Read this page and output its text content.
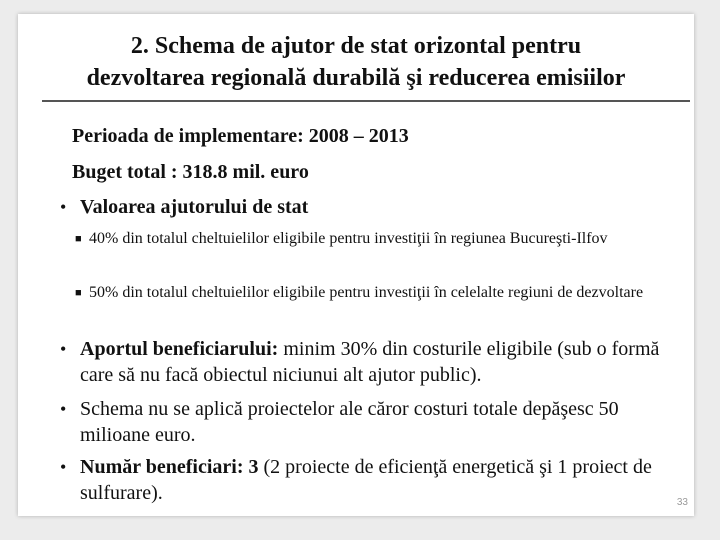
2. Schema de ajutor de stat orizontal pentru
dezvoltarea regională durabilă şi reducerea emisiilor
Perioada de implementare: 2008 – 2013
Buget total : 318.8 mil. euro
• Valoarea ajutorului de stat
■ 40% din totalul cheltuielilor eligibile pentru investiţii în regiunea Bucureşti-Ilfov
■ 50% din totalul cheltuielilor eligibile pentru investiţii în celelalte regiuni de dezvoltare
• Aportul beneficiarului: minim 30% din costurile eligibile (sub o formă care să nu facă obiectul niciunui alt ajutor public).
• Schema nu se aplică proiectelor ale căror costuri totale depăşesc 50 milioane euro.
• Număr beneficiari: 3 (2 proiecte de eficienţă energetică şi 1 proiect de sulfurare).	33
